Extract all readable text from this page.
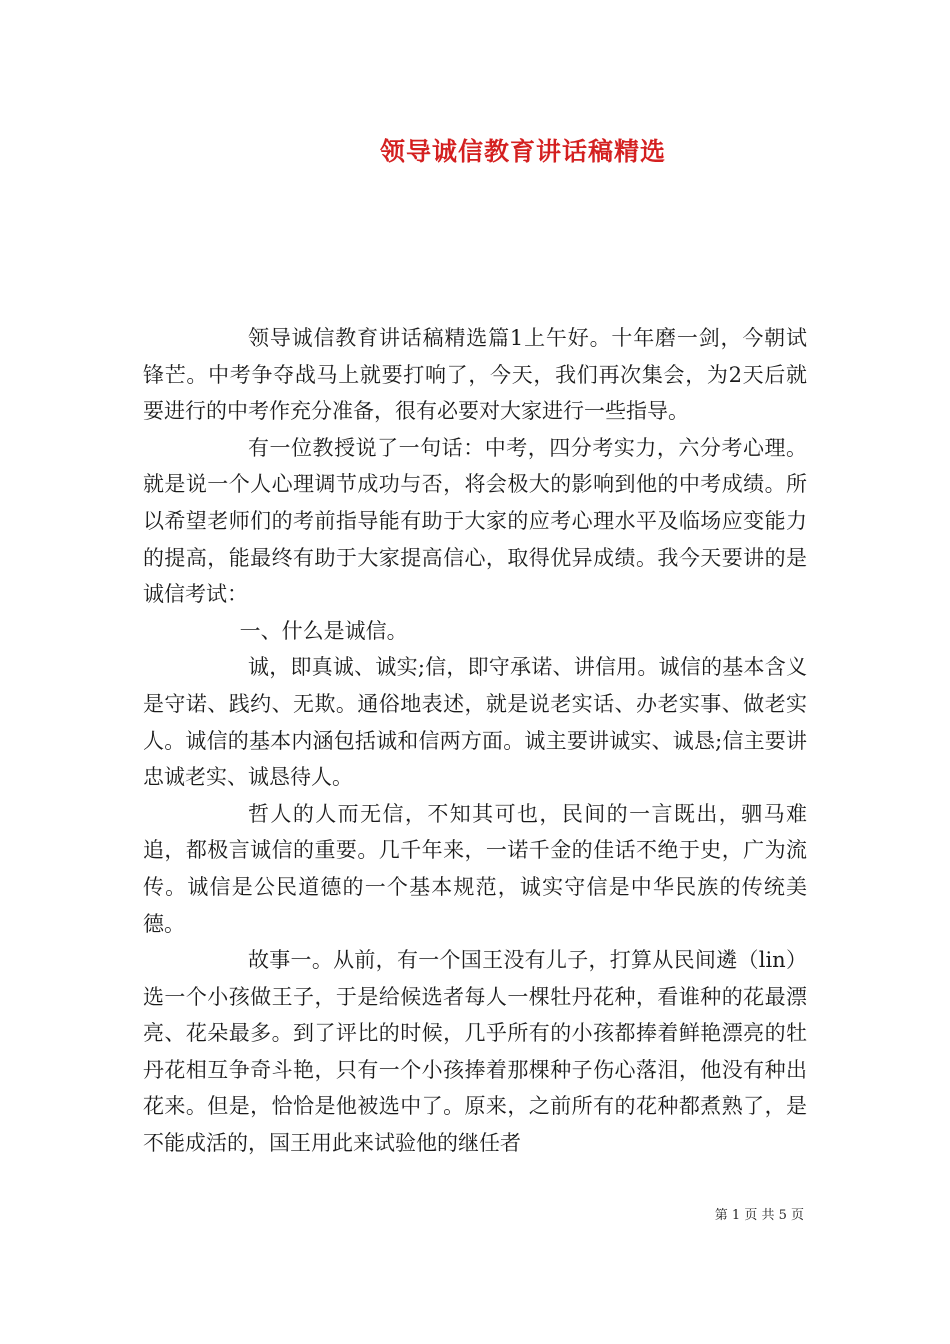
领导诚信教育讲话稿精选

领导诚信教育讲话稿精选篇1上午好。十年磨一剑，今朝试锋芒。中考争夺战马上就要打响了，今天，我们再次集会，为2天后就要进行的中考作充分准备，很有必要对大家进行一些指导。

有一位教授说了一句话：中考，四分考实力，六分考心理。就是说一个人心理调节成功与否，将会极大的影响到他的中考成绩。所以希望老师们的考前指导能有助于大家的应考心理水平及临场应变能力的提高，能最终有助于大家提高信心，取得优异成绩。我今天要讲的是诚信考试：

一、什么是诚信。

诚，即真诚、诚实;信，即守承诺、讲信用。诚信的基本含义是守诺、践约、无欺。通俗地表述，就是说老实话、办老实事、做老实人。诚信的基本内涵包括诚和信两方面。诚主要讲诚实、诚恳;信主要讲忠诚老实、诚恳待人。

哲人的人而无信，不知其可也，民间的一言既出，驷马难追，都极言诚信的重要。几千年来，一诺千金的佳话不绝于史，广为流传。诚信是公民道德的一个基本规范，诚实守信是中华民族的传统美德。

故事一。从前，有一个国王没有儿子，打算从民间遴（lin）选一个小孩做王子，于是给候选者每人一棵牡丹花种，看谁种的花最漂亮、花朵最多。到了评比的时候，几乎所有的小孩都捧着鲜艳漂亮的牡丹花相互争奇斗艳，只有一个小孩捧着那棵种子伤心落泪，他没有种出花来。但是，恰恰是他被选中了。原来，之前所有的花种都煮熟了，是不能成活的，国王用此来试验他的继任者

第 1 页 共 5 页
